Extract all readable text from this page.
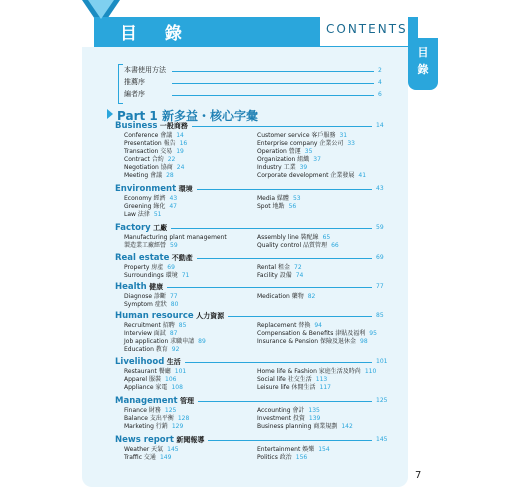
目 錄	CONTENTS
目錄
本書使用方法	2
推薦序	4
編者序	6
Part 1 新多益・核心字彙
Business 一般商務	14
Conference 會議 14
Presentation 報告 16
Transaction 交易 19
Contract 合約 22
Negotiation 協商 24
Meeting 會議 28
Customer service 客戶服務 31
Enterprise company 企業公司 33
Operation 營運 35
Organization 組織 37
Industry 工業 39
Corporate development 企業發展 41
Environment 環境	43
Economy 經濟 43
Greening 綠化 47
Law 法律 51
Media 媒體 53
Spot 地點 56
Factory 工廠	59
Manufacturing plant management
製造業工廠經營 59
Assembly line 裝配線 65
Quality control 品質管理 66
Real estate 不動產	69
Property 房產 69
Surroundings 環境 71
Rental 租金 72
Facility 設備 74
Health 健康	77
Diagnose 診斷 77
Symptom 症狀 80
Medication 藥物 82
Human resource 人力資源	85
Recruitment 招聘 85
Interview 面試 87
Job application 求職申請 89
Education 教育 92
Replacement 替換 94
Compensation & Benefits 津貼及福利 95
Insurance & Pension 保險及退休金 98
Livelihood 生活	101
Restaurant 餐廳 101
Apparel 服裝 106
Appliance 家電 108
Home life & Fashion 家庭生活及時尚 110
Social life 社交生活 113
Leisure life 休閒生活 117
Management 管理	125
Finance 財務 125
Balance 支出平衡 128
Marketing 行銷 129
Accounting 會計 135
Investment 投資 139
Business planning 商業規劃 142
News report 新聞報導	145
Weather 天氣 145
Traffic 交通 149
Entertainment 娛樂 154
Politics 政治 156
7
